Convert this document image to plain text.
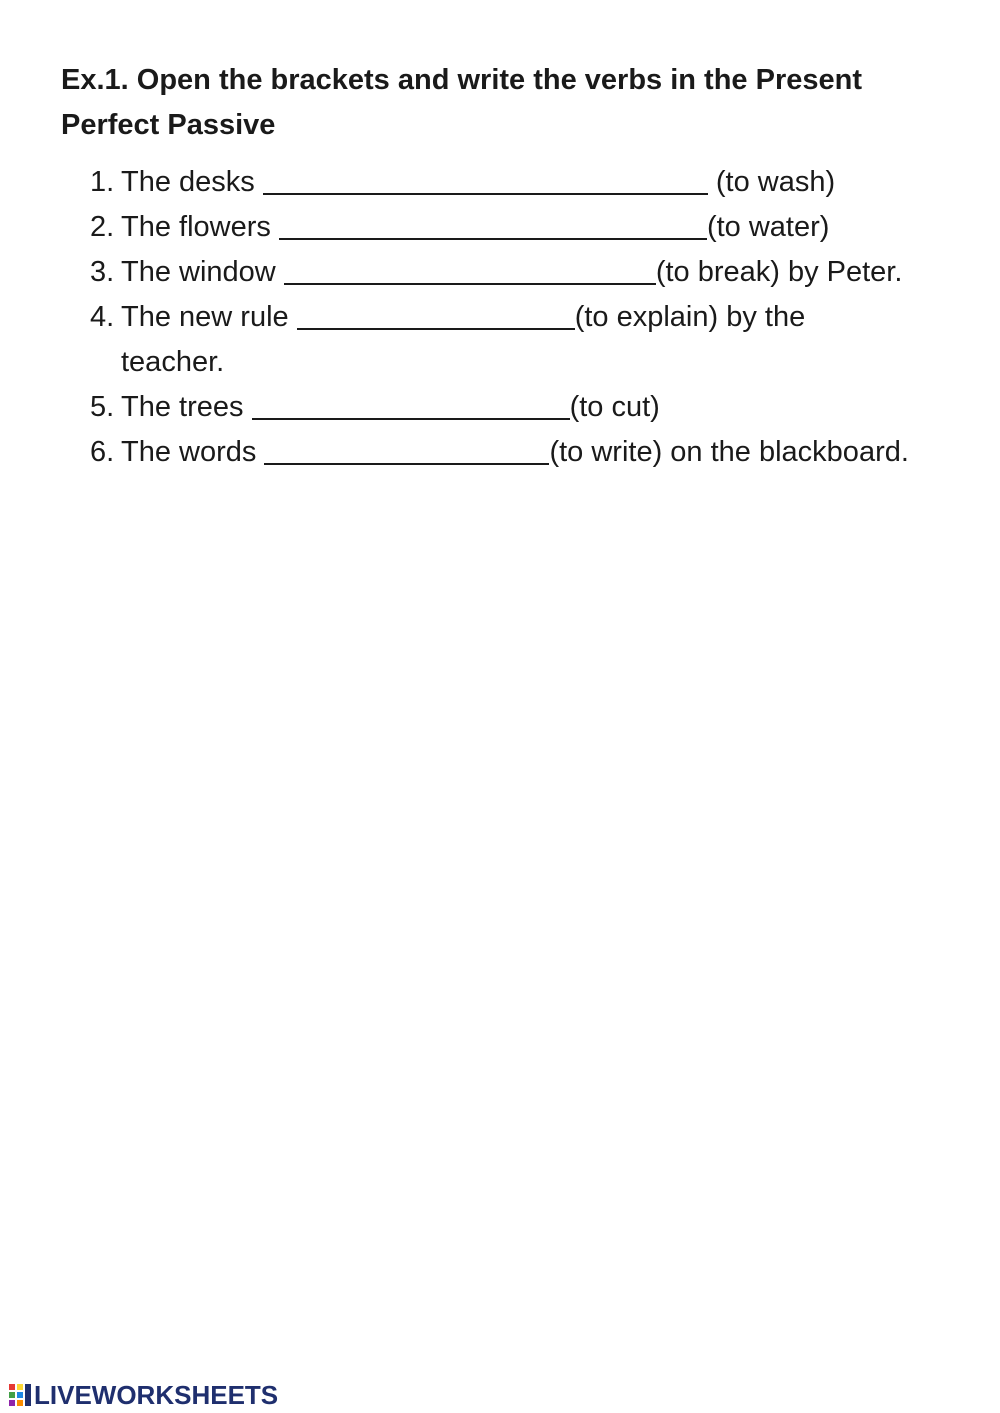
Ex.1. Open the brackets and write the verbs in the Present Perfect Passive
1. The desks	(to wash)
2. The flowers	(to water)
3. The window	(to break) by Peter.
4. The new rule	(to explain) by the teacher.
5. The trees	(to cut)
6. The words	(to write) on the blackboard.
LIVEWORKSHEETS
